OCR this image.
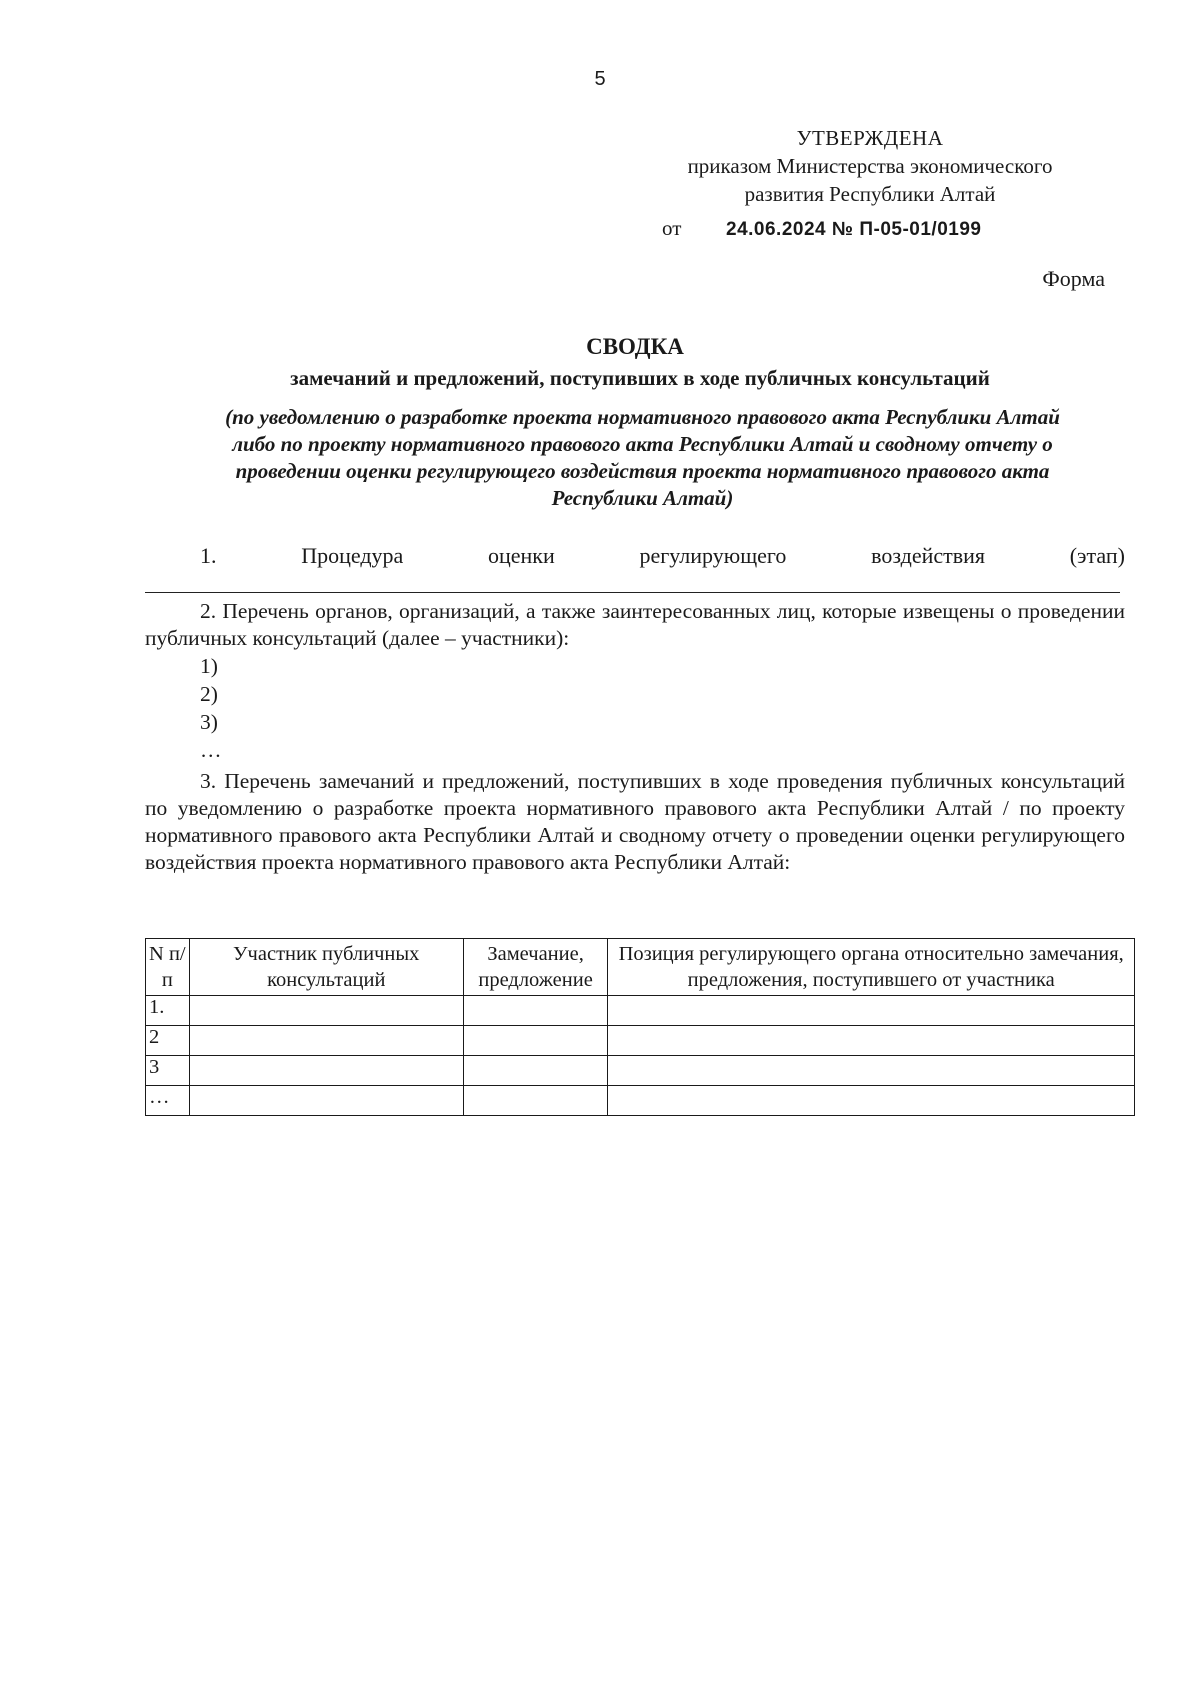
5
УТВЕРЖДЕНА
приказом Министерства экономического
развития Республики Алтай
от 24.06.2024 № П-05-01/0199
Форма
СВОДКА
замечаний и предложений, поступивших в ходе публичных консультаций
(по уведомлению о разработке проекта нормативного правового акта Республики Алтай
либо по проекту нормативного правового акта Республики Алтай и сводному отчету о
проведении оценки регулирующего воздействия проекта нормативного правового акта
Республики Алтай)
1.	Процедура	оценки	регулирующего	воздействия	(этап)
2. Перечень органов, организаций, а также заинтересованных лиц, которые извещены о проведении публичных консультаций (далее – участники):
1)
2)
3)
…
3. Перечень замечаний и предложений, поступивших в ходе проведения публичных консультаций по уведомлению о разработке проекта нормативного правового акта Республики Алтай / по проекту нормативного правового акта Республики Алтай и сводному отчету о проведении оценки регулирующего воздействия проекта нормативного правового акта Республики Алтай:
N п/п	Участник публичных консультаций	Замечание, предложение	Позиция регулирующего органа относительно замечания, предложения, поступившего от участника
1.			
2			
3			
…			
